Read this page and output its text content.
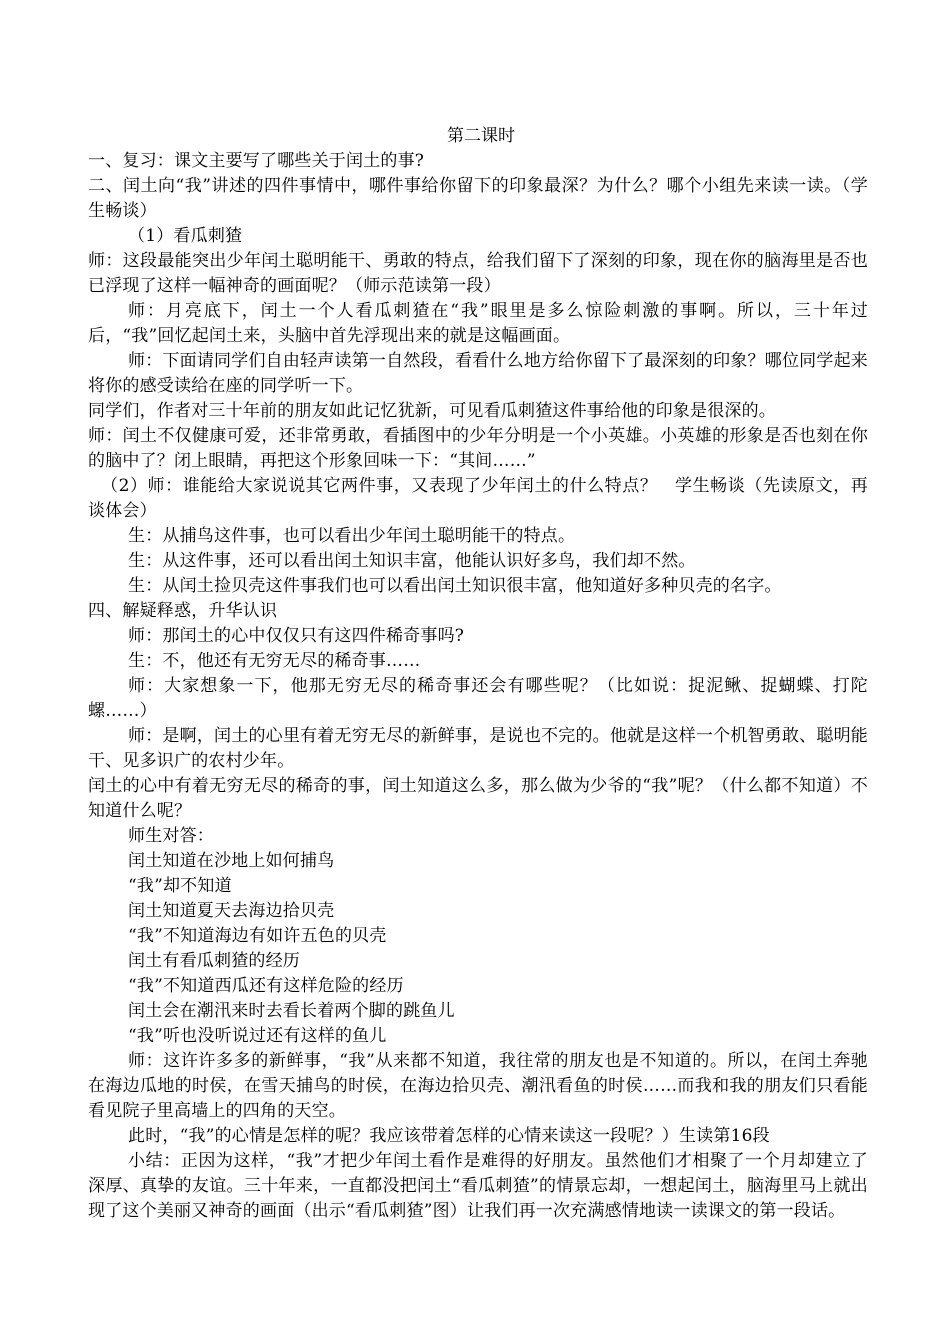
第二课时

一、复习：课文主要写了哪些关于闰土的事?

二、闰土向“我”讲述的四件事情中，哪件事给你留下的印象最深？为什么？哪个小组先来读一读。（学生畅谈）

（1）看瓜刺猹

师：这段最能突出少年闰土聪明能干、勇敢的特点，给我们留下了深刻的印象，现在你的脑海里是否也已浮现了这样一幅神奇的画面呢？（师示范读第一段）

师：月亮底下，闰土一个人看瓜刺猹在“我”眼里是多么惊险刺激的事啊。所以，三十年过后，“我”回忆起闰土来，头脑中首先浮现出来的就是这幅画面。

师：下面请同学们自由轻声读第一自然段，看看什么地方给你留下了最深刻的印象？哪位同学起来将你的感受读给在座的同学听一下。

同学们，作者对三十年前的朋友如此记忆犹新，可见看瓜刺猹这件事给他的印象是很深的。

师：闰土不仅健康可爱，还非常勇敢，看插图中的少年分明是一个小英雄。小英雄的形象是否也刻在你的脑中了？闭上眼睛，再把这个形象回味一下：“其间……”

（2）师：谁能给大家说说其它两件事，又表现了少年闰土的什么特点？　学生畅谈（先读原文，再谈体会）

生：从捕鸟这件事，也可以看出少年闰土聪明能干的特点。

生：从这件事，还可以看出闰土知识丰富，他能认识好多鸟，我们却不然。

生：从闰土捡贝壳这件事我们也可以看出闰土知识很丰富，他知道好多种贝壳的名字。

四、解疑释惑，升华认识

师：那闰土的心中仅仅只有这四件稀奇事吗?

生：不，他还有无穷无尽的稀奇事……

师：大家想象一下，他那无穷无尽的稀奇事还会有哪些呢？（比如说：捉泥鳅、捉蝴蝶、打陀螺……）

师：是啊，闰土的心里有着无穷无尽的新鲜事，是说也不完的。他就是这样一个机智勇敢、聪明能干、见多识广的农村少年。

闰土的心中有着无穷无尽的稀奇的事，闰土知道这么多，那么做为少爷的“我”呢？（什么都不知道）不知道什么呢？

师生对答：

闰土知道在沙地上如何捕鸟

“我”却不知道

闰土知道夏天去海边拾贝壳

“我”不知道海边有如许五色的贝壳

闰土有看瓜刺猹的经历

“我”不知道西瓜还有这样危险的经历

闰土会在潮汛来时去看长着两个脚的跳鱼儿

“我”听也没听说过还有这样的鱼儿

师：这许许多多的新鲜事，“我”从来都不知道，我往常的朋友也是不知道的。所以，在闰土奔驰在海边瓜地的时侯，在雪天捕鸟的时侯，在海边拾贝壳、潮汛看鱼的时侯……而我和我的朋友们只看能看见院子里高墙上的四角的天空。

此时，“我”的心情是怎样的呢？我应该带着怎样的心情来读这一段呢？）生读第16段

小结：正因为这样，“我”才把少年闰土看作是难得的好朋友。虽然他们才相聚了一个月却建立了深厚、真挚的友谊。三十年来，一直都没把闰土“看瓜刺猹”的情景忘却，一想起闰土，脑海里马上就出现了这个美丽又神奇的画面（出示“看瓜刺猹”图）让我们再一次充满感情地读一读课文的第一段话。
